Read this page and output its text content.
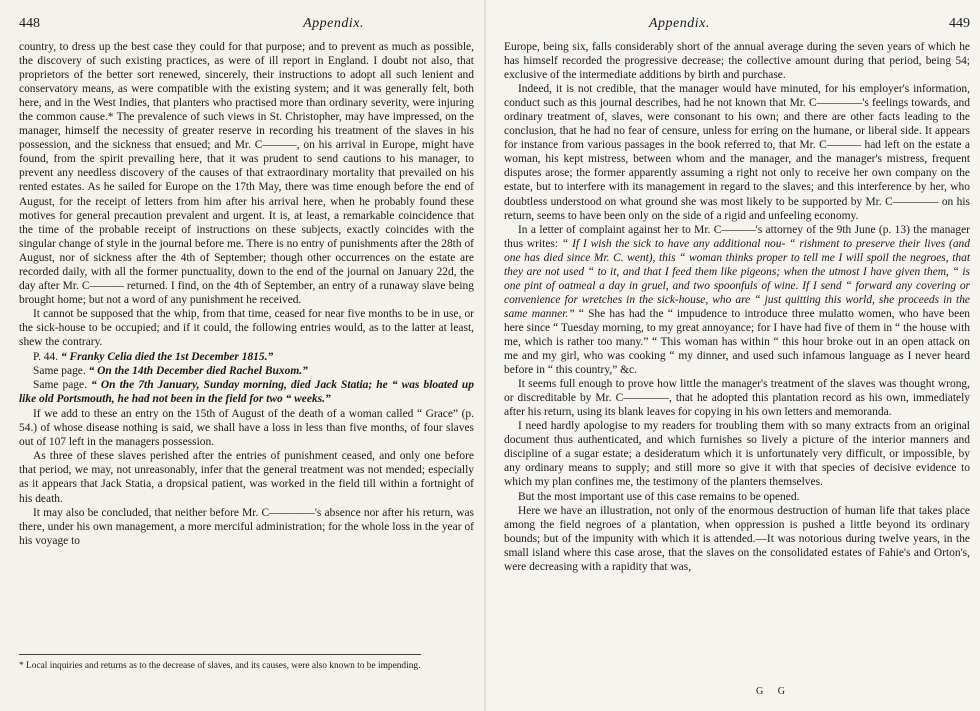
448	Appendix.

country, to dress up the best case they could for that purpose; and to prevent as much as possible, the discovery of such existing practices, as were of ill report in England. I doubt not also, that proprietors of the better sort renewed, sincerely, their instructions to adopt all such lenient and conservatory means, as were compatible with the existing system; and it was generally felt, both here, and in the West Indies, that planters who practised more than ordinary severity, were injuring the common cause.* The prevalence of such views in St. Christopher, may have impressed, on the manager, himself the necessity of greater reserve in recording his treatment of the slaves in his possession, and the sickness that ensued; and Mr. C———, on his arrival in Europe, might have found, from the spirit prevailing here, that it was prudent to send cautions to his manager, to prevent any needless discovery of the causes of that extraordinary mortality that prevailed on his rented estates. As he sailed for Europe on the 17th May, there was time enough before the end of August, for the receipt of letters from him after his arrival here, when he probably found these motives for general precaution prevalent and urgent. It is, at least, a remarkable coincidence that the time of the probable receipt of instructions on these subjects, exactly coincides with the singular change of style in the journal before me. There is no entry of punishments after the 28th of August, nor of sickness after the 4th of September; though other occurrences on the estate are recorded daily, with all the former punctuality, down to the end of the journal on January 22d, the day after Mr. C——— returned. I find, on the 4th of September, an entry of a runaway slave being brought home; but not a word of any punishment he received.

It cannot be supposed that the whip, from that time, ceased for near five months to be in use, or the sick-house to be occupied; and if it could, the following entries would, as to the latter at least, shew the contrary.

P. 44. “ Franky Celia died the 1st December 1815.”

Same page. “ On the 14th December died Rachel Buxom.”

Same page. “ On the 7th January, Sunday morning, died Jack Statia; he “ was bloated up like old Portsmouth, he had not been in the field for two “ weeks.”

If we add to these an entry on the 15th of August of the death of a woman called “ Grace” (p. 54.) of whose disease nothing is said, we shall have a loss in less than five months, of four slaves out of 107 left in the managers possession.

As three of these slaves perished after the entries of punishment ceased, and only one before that period, we may, not unreasonably, infer that the general treatment was not mended; especially as it appears that Jack Statia, a dropsical patient, was worked in the field till within a fortnight of his death.

It may also be concluded, that neither before Mr. C————'s absence nor after his return, was there, under his own management, a more merciful administration; for the whole loss in the year of his voyage to

* Local inquiries and returns as to the decrease of slaves, and its causes, were also known to be impending.
Appendix.	449

Europe, being six, falls considerably short of the annual average during the seven years of which he has himself recorded the progressive decrease; the collective amount during that period, being 54; exclusive of the intermediate additions by birth and purchase.

Indeed, it is not credible, that the manager would have minuted, for his employer's information, conduct such as this journal describes, had he not known that Mr. C————'s feelings towards, and ordinary treatment of, slaves, were consonant to his own; and there are other facts leading to the conclusion, that he had no fear of censure, unless for erring on the humane, or liberal side. It appears for instance from various passages in the book referred to, that Mr. C——— had left on the estate a woman, his kept mistress, between whom and the manager, and the manager's mistress, frequent disputes arose; the former apparently assuming a right not only to receive her own company on the estate, but to interfere with its management in regard to the slaves; and this interference by her, who doubtless understood on what ground she was most likely to be supported by Mr. C———— on his return, seems to have been only on the side of a rigid and unfeeling economy.

In a letter of complaint against her to Mr. C———'s attorney of the 9th June (p. 13) the manager thus writes: “ If I wish the sick to have any additional nou- “ rishment to preserve their lives (and one has died since Mr. C. went), this “ woman thinks proper to tell me I will spoil the negroes, that they are not used “ to it, and that I feed them like pigeons; when the utmost I have given them, “ is one pint of oatmeal a day in gruel, and two spoonfuls of wine. If I send “ forward any covering or convenience for wretches in the sick-house, who are “ just quitting this world, she proceeds in the same manner.” “ She has had the “ impudence to introduce three mulatto women, who have been here since “ Tuesday morning, to my great annoyance; for I have had five of them in “ the house with me, which is rather too many.” “ This woman has within “ this hour broke out in an open attack on me and my girl, who was cooking “ my dinner, and used such infamous language as I never heard before in “ this country,” &c.

It seems full enough to prove how little the manager's treatment of the slaves was thought wrong, or discreditable by Mr. C————, that he adopted this plantation record as his own, immediately after his return, using its blank leaves for copying in his own letters and memoranda.

I need hardly apologise to my readers for troubling them with so many extracts from an original document thus authenticated, and which furnishes so lively a picture of the interior manners and discipline of a sugar estate; a desideratum which it is unfortunately very difficult, or impossible, by any ordinary means to supply; and still more so give it with that species of decisive evidence to which my plan confines me, the testimony of the planters themselves.

But the most important use of this case remains to be opened.

Here we have an illustration, not only of the enormous destruction of human life that takes place among the field negroes of a plantation, when oppression is pushed a little beyond its ordinary bounds; but of the impunity with which it is attended.—It was notorious during twelve years, in the small island where this case arose, that the slaves on the consolidated estates of Fahie's and Orton's, were decreasing with a rapidity that was,

G G
